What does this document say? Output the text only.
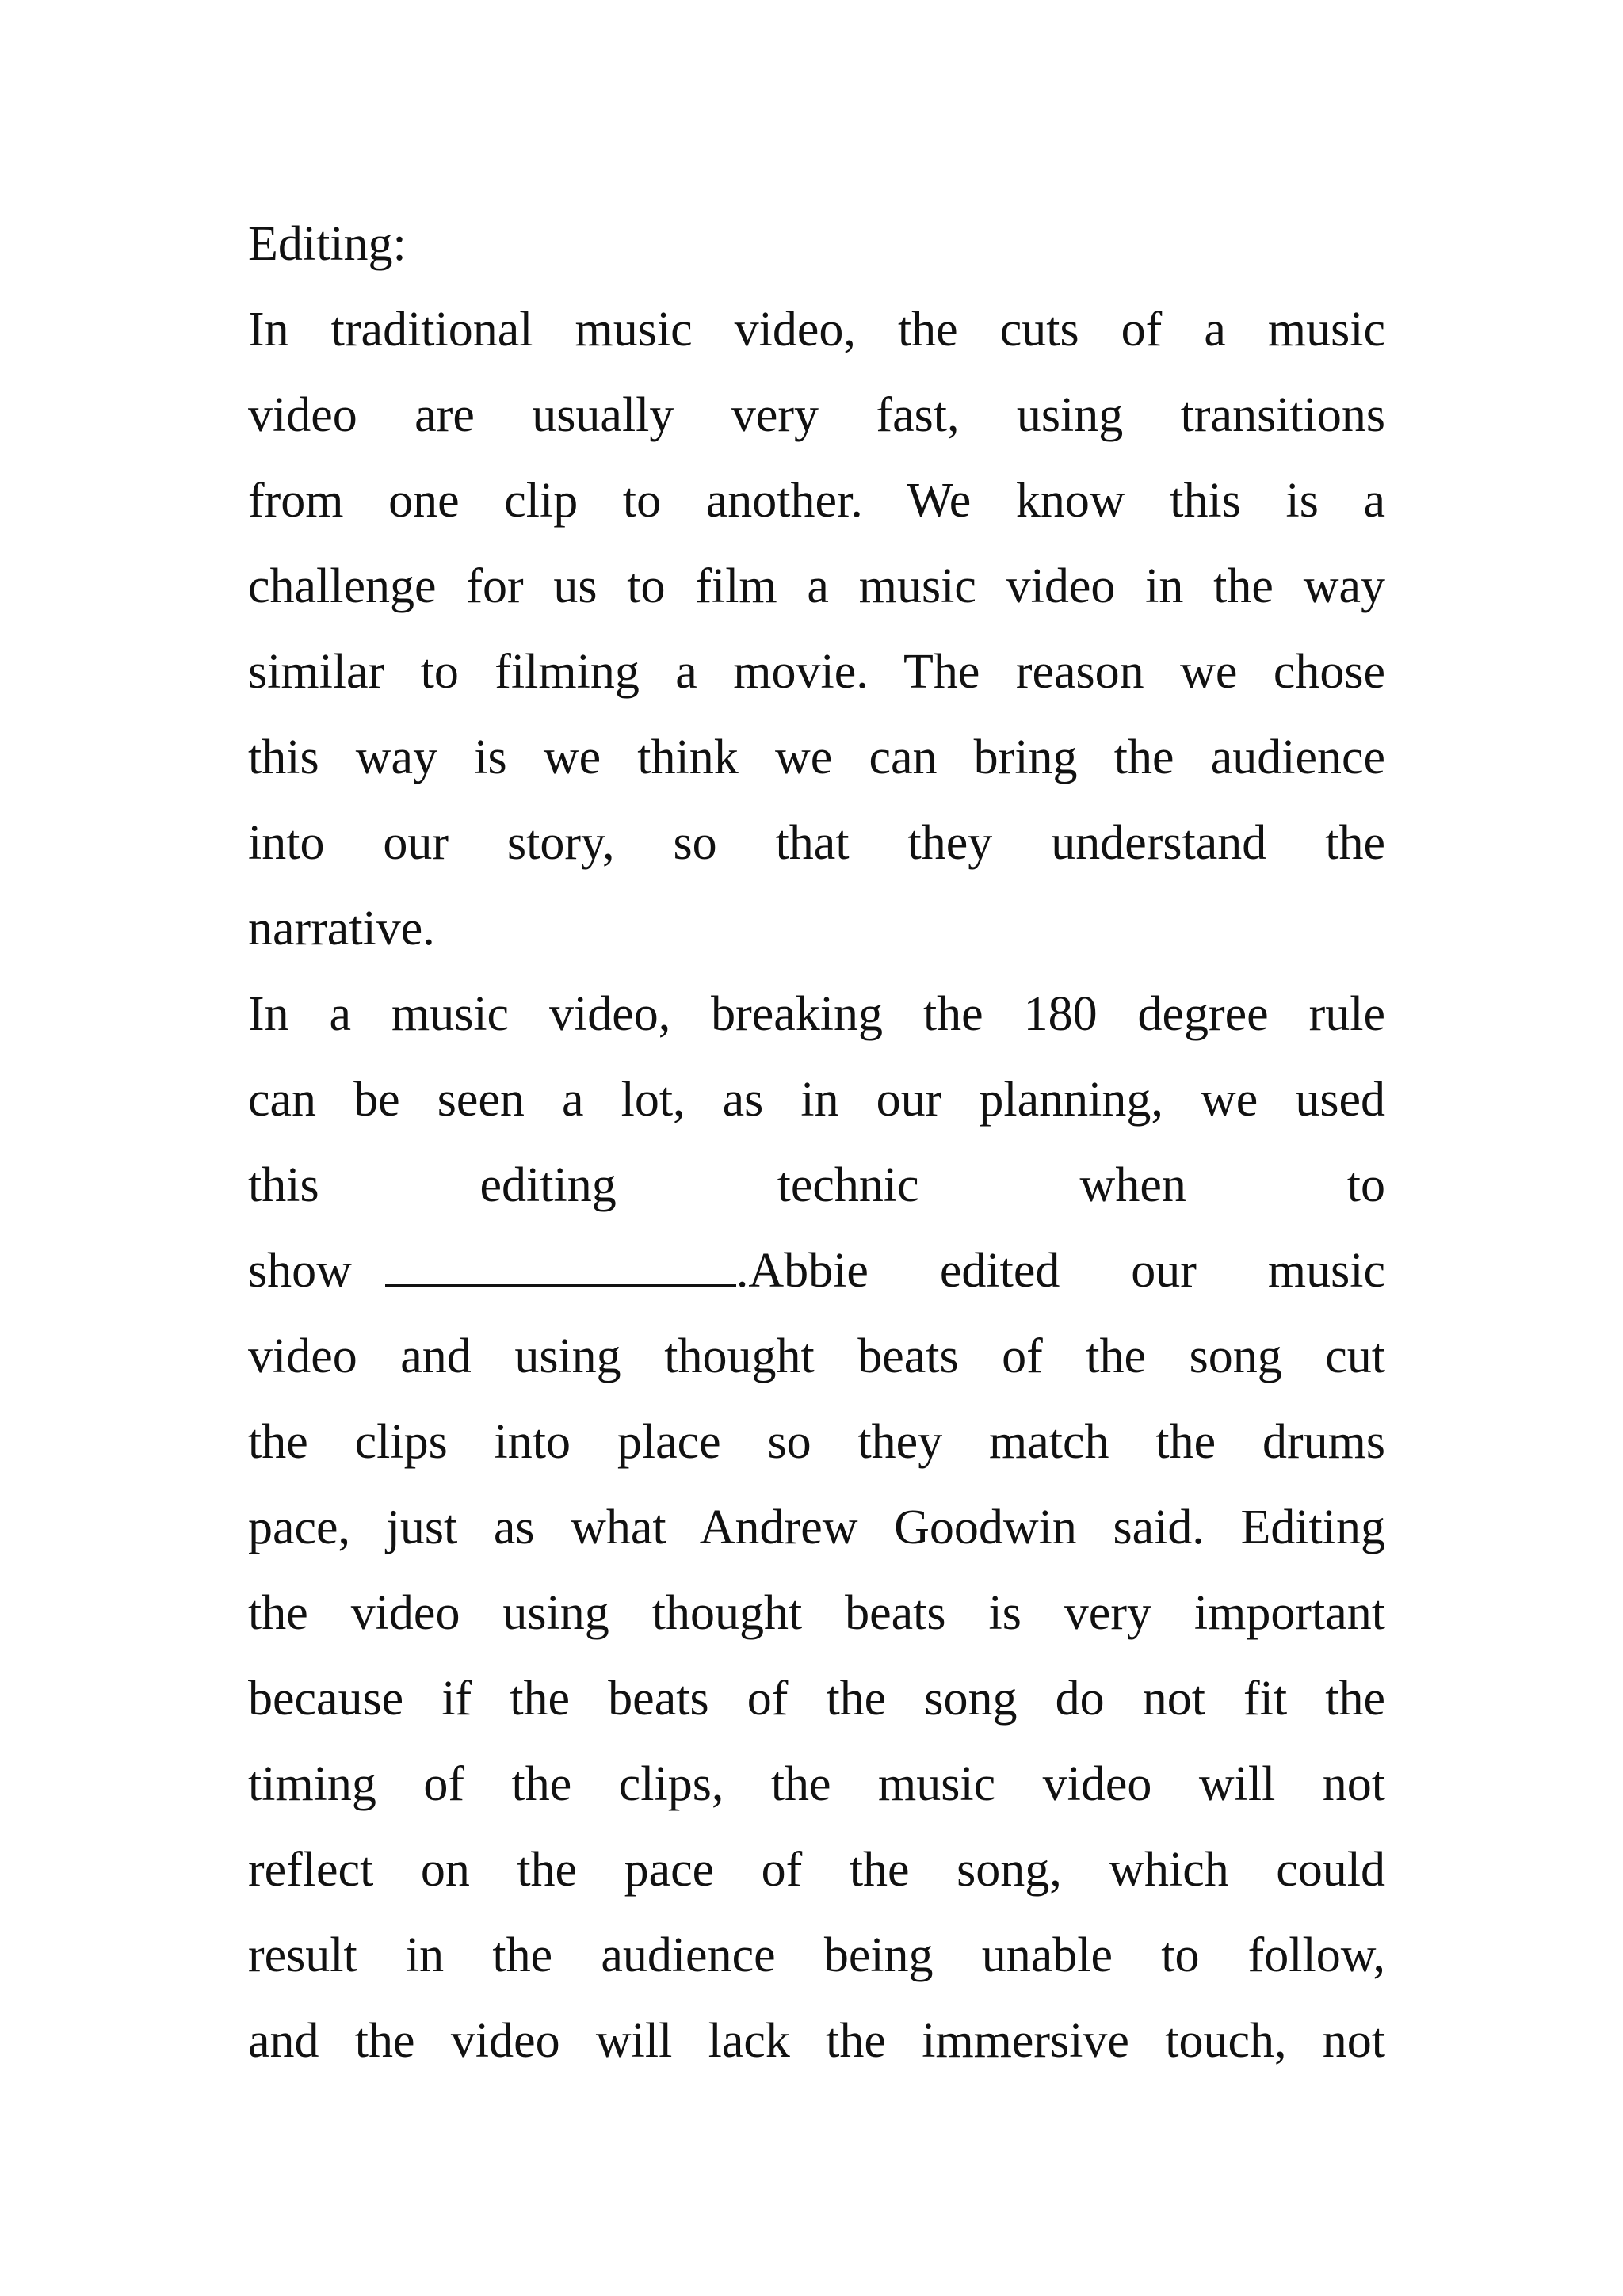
Editing:
In traditional music video, the cuts of a music
video are usually very fast, using transitions
from one clip to another. We know this is a
challenge for us to film a music video in the way
similar to filming a movie. The reason we chose
this way is we think we can bring the audience
into our story, so that they understand the
narrative.
In a music video, breaking the 180 degree rule
can be seen a lot, as in our planning, we used
this editing technic when to
show	.Abbie edited our music
video and using thought beats of the song cut
the clips into place so they match the drums
pace, just as what Andrew Goodwin said. Editing
the video using thought beats is very important
because if the beats of the song do not fit the
timing of the clips, the music video will not
reflect on the pace of the song, which could
result in the audience being unable to follow,
and the video will lack the immersive touch, not
